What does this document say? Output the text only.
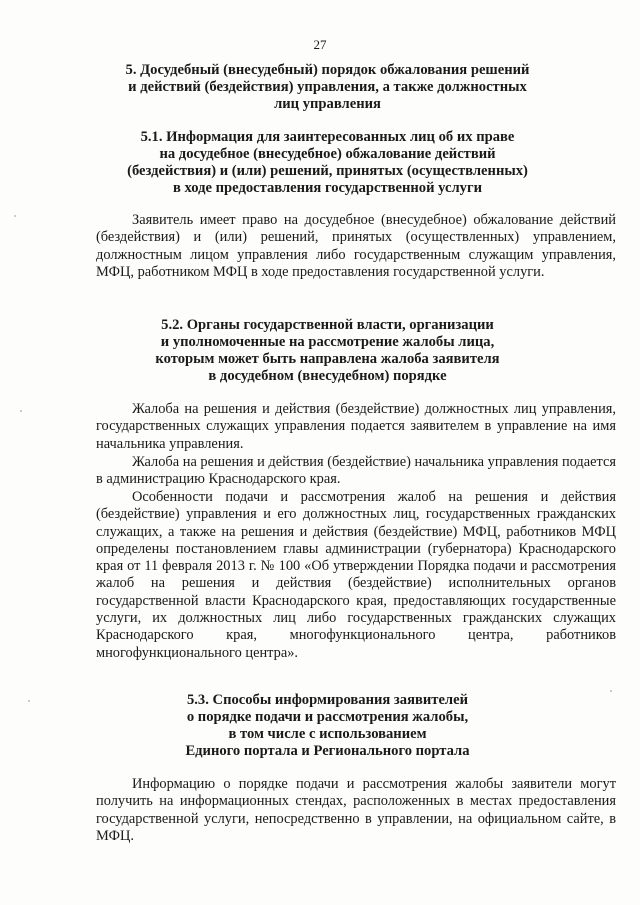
27
5. Досудебный (внесудебный) порядок обжалования решений
и действий (бездействия) управления, а также должностных
лиц управления
5.1. Информация для заинтересованных лиц об их праве
на досудебное (внесудебное) обжалование действий
(бездействия) и (или) решений, принятых (осуществленных)
в ходе предоставления государственной услуги

Заявитель имеет право на досудебное (внесудебное) обжалование действий (бездействия) и (или) решений, принятых (осуществленных) управлением, должностным лицом управления либо государственным служащим управления, МФЦ, работником МФЦ в ходе предоставления государственной услуги.

5.2. Органы государственной власти, организации
и уполномоченные на рассмотрение жалобы лица,
которым может быть направлена жалоба заявителя
в досудебном (внесудебном) порядке

Жалоба на решения и действия (бездействие) должностных лиц управления, государственных служащих управления подается заявителем в управление на имя начальника управления.

Жалоба на решения и действия (бездействие) начальника управления подается в администрацию Краснодарского края.

Особенности подачи и рассмотрения жалоб на решения и действия (бездействие) управления и его должностных лиц, государственных гражданских служащих, а также на решения и действия (бездействие) МФЦ, работников МФЦ определены постановлением главы администрации (губернатора) Краснодарского края от 11 февраля 2013 г. № 100 «Об утверждении Порядка подачи и рассмотрения жалоб на решения и действия (бездействие) исполнительных органов государственной власти Краснодарского края, предоставляющих государственные услуги, их должностных лиц либо государственных гражданских служащих Краснодарского края, многофункционального центра, работников многофункционального центра».

5.3. Способы информирования заявителей
о порядке подачи и рассмотрения жалобы,
в том числе с использованием
Единого портала и Регионального портала

Информацию о порядке подачи и рассмотрения жалобы заявители могут получить на информационных стендах, расположенных в местах предоставления государственной услуги, непосредственно в управлении, на официальном сайте, в МФЦ.
